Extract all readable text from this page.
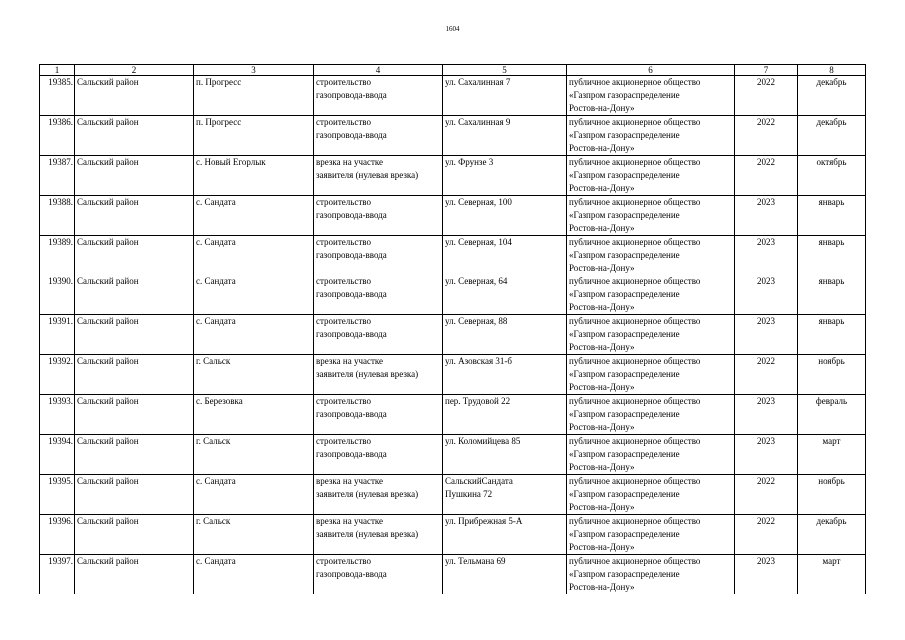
1604
1	2	3	4	5	6	7	8
19385.	Сальский район	п. Прогресс	строительство
газопровода-ввода	ул. Сахалинная 7	публичное акционерное общество
«Газпром газораспределение
Ростов-на-Дону»	2022	декабрь
19386.	Сальский район	п. Прогресс	строительство
газопровода-ввода	ул. Сахалинная 9	публичное акционерное общество
«Газпром газораспределение
Ростов-на-Дону»	2022	декабрь
19387.	Сальский район	с. Новый Егорлык	врезка на участке
заявителя (нулевая врезка)	ул. Фрунзе 3	публичное акционерное общество
«Газпром газораспределение
Ростов-на-Дону»	2022	октябрь
19388.	Сальский район	с. Сандата	строительство
газопровода-ввода	ул. Северная, 100	публичное акционерное общество
«Газпром газораспределение
Ростов-на-Дону»	2023	январь
19389.	Сальский район	с. Сандата	строительство
газопровода-ввода	ул. Северная, 104	публичное акционерное общество
«Газпром газораспределение
Ростов-на-Дону»	2023	январь
19390.	Сальский район	с. Сандата	строительство
газопровода-ввода	ул. Северная, 64	публичное акционерное общество
«Газпром газораспределение
Ростов-на-Дону»	2023	январь
19391.	Сальский район	с. Сандата	строительство
газопровода-ввода	ул. Северная, 88	публичное акционерное общество
«Газпром газораспределение
Ростов-на-Дону»	2023	январь
19392.	Сальский район	г. Сальск	врезка на участке
заявителя (нулевая врезка)	ул. Азовская 31-б	публичное акционерное общество
«Газпром газораспределение
Ростов-на-Дону»	2022	ноябрь
19393.	Сальский район	с. Березовка	строительство
газопровода-ввода	пер. Трудовой 22	публичное акционерное общество
«Газпром газораспределение
Ростов-на-Дону»	2023	февраль
19394.	Сальский район	г. Сальск	строительство
газопровода-ввода	ул. Коломийцева 85	публичное акционерное общество
«Газпром газораспределение
Ростов-на-Дону»	2023	март
19395.	Сальский район	с. Сандата	врезка на участке
заявителя (нулевая врезка)	СальскийСандата
Пушкина 72	публичное акционерное общество
«Газпром газораспределение
Ростов-на-Дону»	2022	ноябрь
19396.	Сальский район	г. Сальск	врезка на участке
заявителя (нулевая врезка)	ул. Прибрежная 5-А	публичное акционерное общество
«Газпром газораспределение
Ростов-на-Дону»	2022	декабрь
19397.	Сальский район	с. Сандата	строительство
газопровода-ввода	ул. Тельмана 69	публичное акционерное общество
«Газпром газораспределение
Ростов-на-Дону»	2023	март
